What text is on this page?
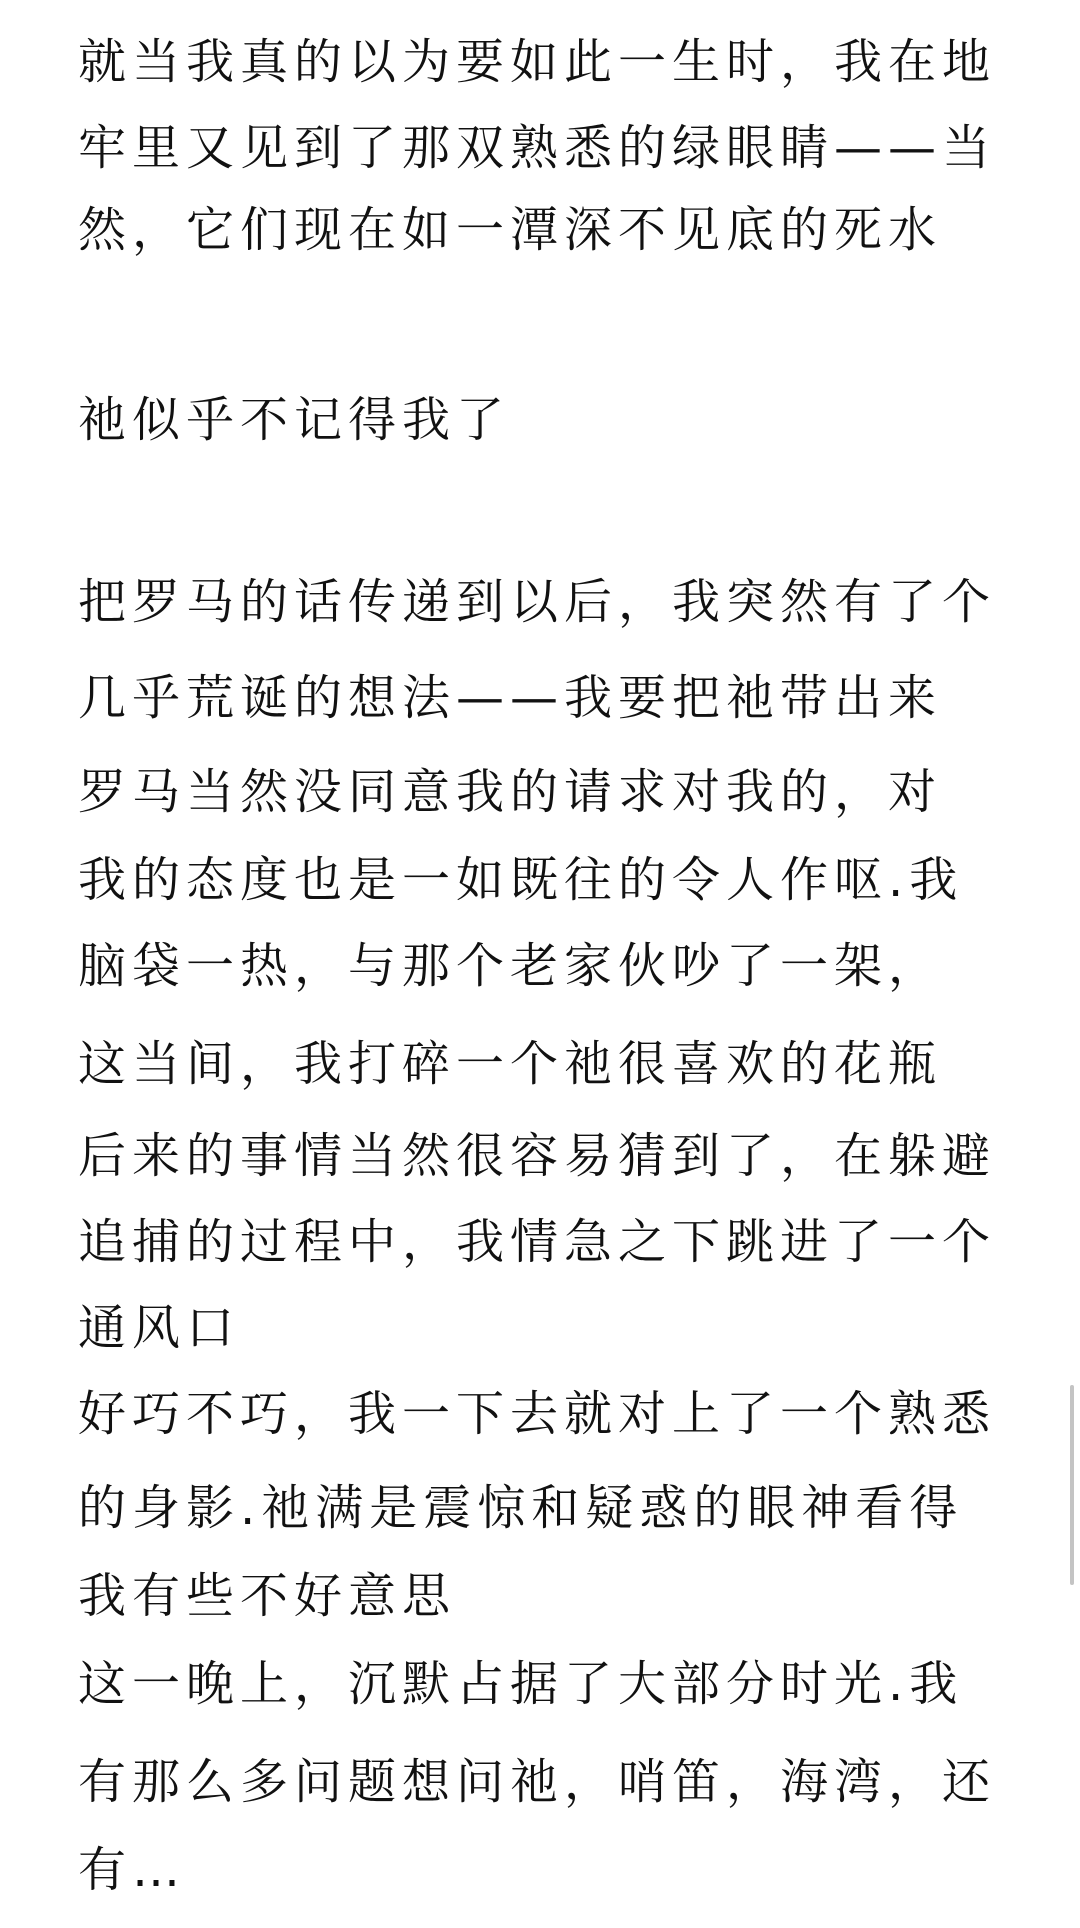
就当我真的以为要如此一生时，我在地
牢里又见到了那双熟悉的绿眼睛——当
然，它们现在如一潭深不见底的死水
祂似乎不记得我了
把罗马的话传递到以后，我突然有了个
几乎荒诞的想法——我要把祂带出来
罗马当然没同意我的请求对我的，对
我的态度也是一如既往的令人作呕.我
脑袋一热，与那个老家伙吵了一架，
这当间，我打碎一个祂很喜欢的花瓶
后来的事情当然很容易猜到了，在躲避
追捕的过程中，我情急之下跳进了一个
通风口
好巧不巧，我一下去就对上了一个熟悉
的身影.祂满是震惊和疑惑的眼神看得
我有些不好意思
这一晚上，沉默占据了大部分时光.我
有那么多问题想问祂，哨笛，海湾，还
有…
